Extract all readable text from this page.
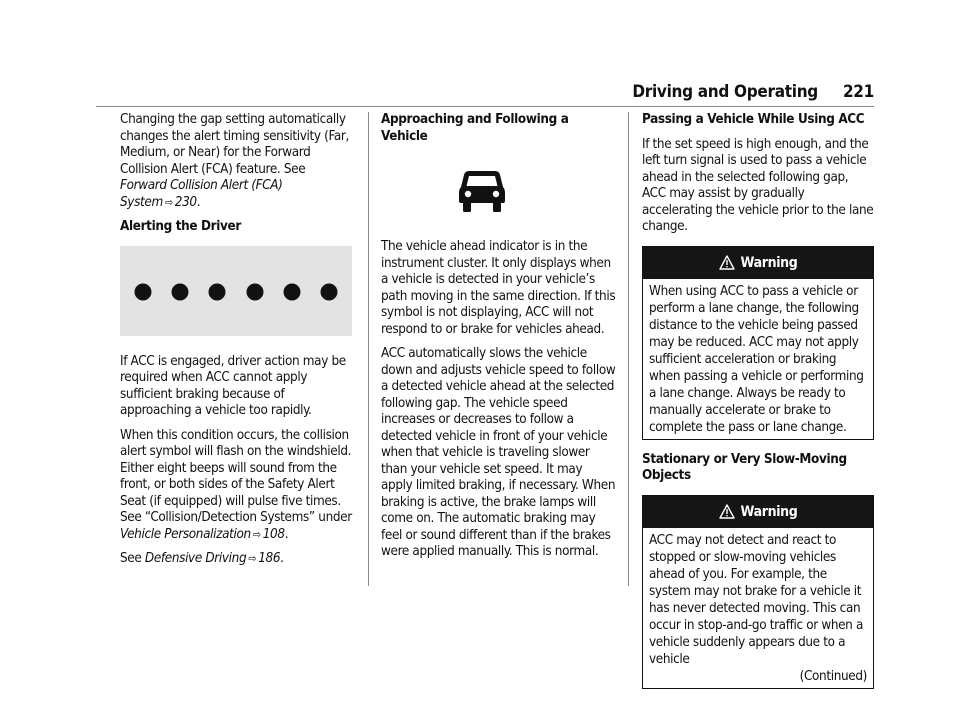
Driving and Operating 221

Changing the gap setting automatically changes the alert timing sensitivity (Far, Medium, or Near) for the Forward Collision Alert (FCA) feature. See Forward Collision Alert (FCA) System ⇨ 230.

Alerting the Driver

If ACC is engaged, driver action may be required when ACC cannot apply sufficient braking because of approaching a vehicle too rapidly.

When this condition occurs, the collision alert symbol will flash on the windshield. Either eight beeps will sound from the front, or both sides of the Safety Alert Seat (if equipped) will pulse five times. See “Collision/Detection Systems” under Vehicle Personalization ⇨ 108.

See Defensive Driving ⇨ 186.

Approaching and Following a Vehicle

The vehicle ahead indicator is in the instrument cluster. It only displays when a vehicle is detected in your vehicle’s path moving in the same direction. If this symbol is not displaying, ACC will not respond to or brake for vehicles ahead.

ACC automatically slows the vehicle down and adjusts vehicle speed to follow a detected vehicle ahead at the selected following gap. The vehicle speed increases or decreases to follow a detected vehicle in front of your vehicle when that vehicle is traveling slower than your vehicle set speed. It may apply limited braking, if necessary. When braking is active, the brake lamps will come on. The automatic braking may feel or sound different than if the brakes were applied manually. This is normal.

Passing a Vehicle While Using ACC

If the set speed is high enough, and the left turn signal is used to pass a vehicle ahead in the selected following gap, ACC may assist by gradually accelerating the vehicle prior to the lane change.

Warning
When using ACC to pass a vehicle or perform a lane change, the following distance to the vehicle being passed may be reduced. ACC may not apply sufficient acceleration or braking when passing a vehicle or performing a lane change. Always be ready to manually accelerate or brake to complete the pass or lane change.
Stationary or Very Slow-Moving Objects
Warning
ACC may not detect and react to stopped or slow-moving vehicles ahead of you. For example, the system may not brake for a vehicle it has never detected moving. This can occur in stop-and-go traffic or when a vehicle suddenly appears due to a vehicle
(Continued)
